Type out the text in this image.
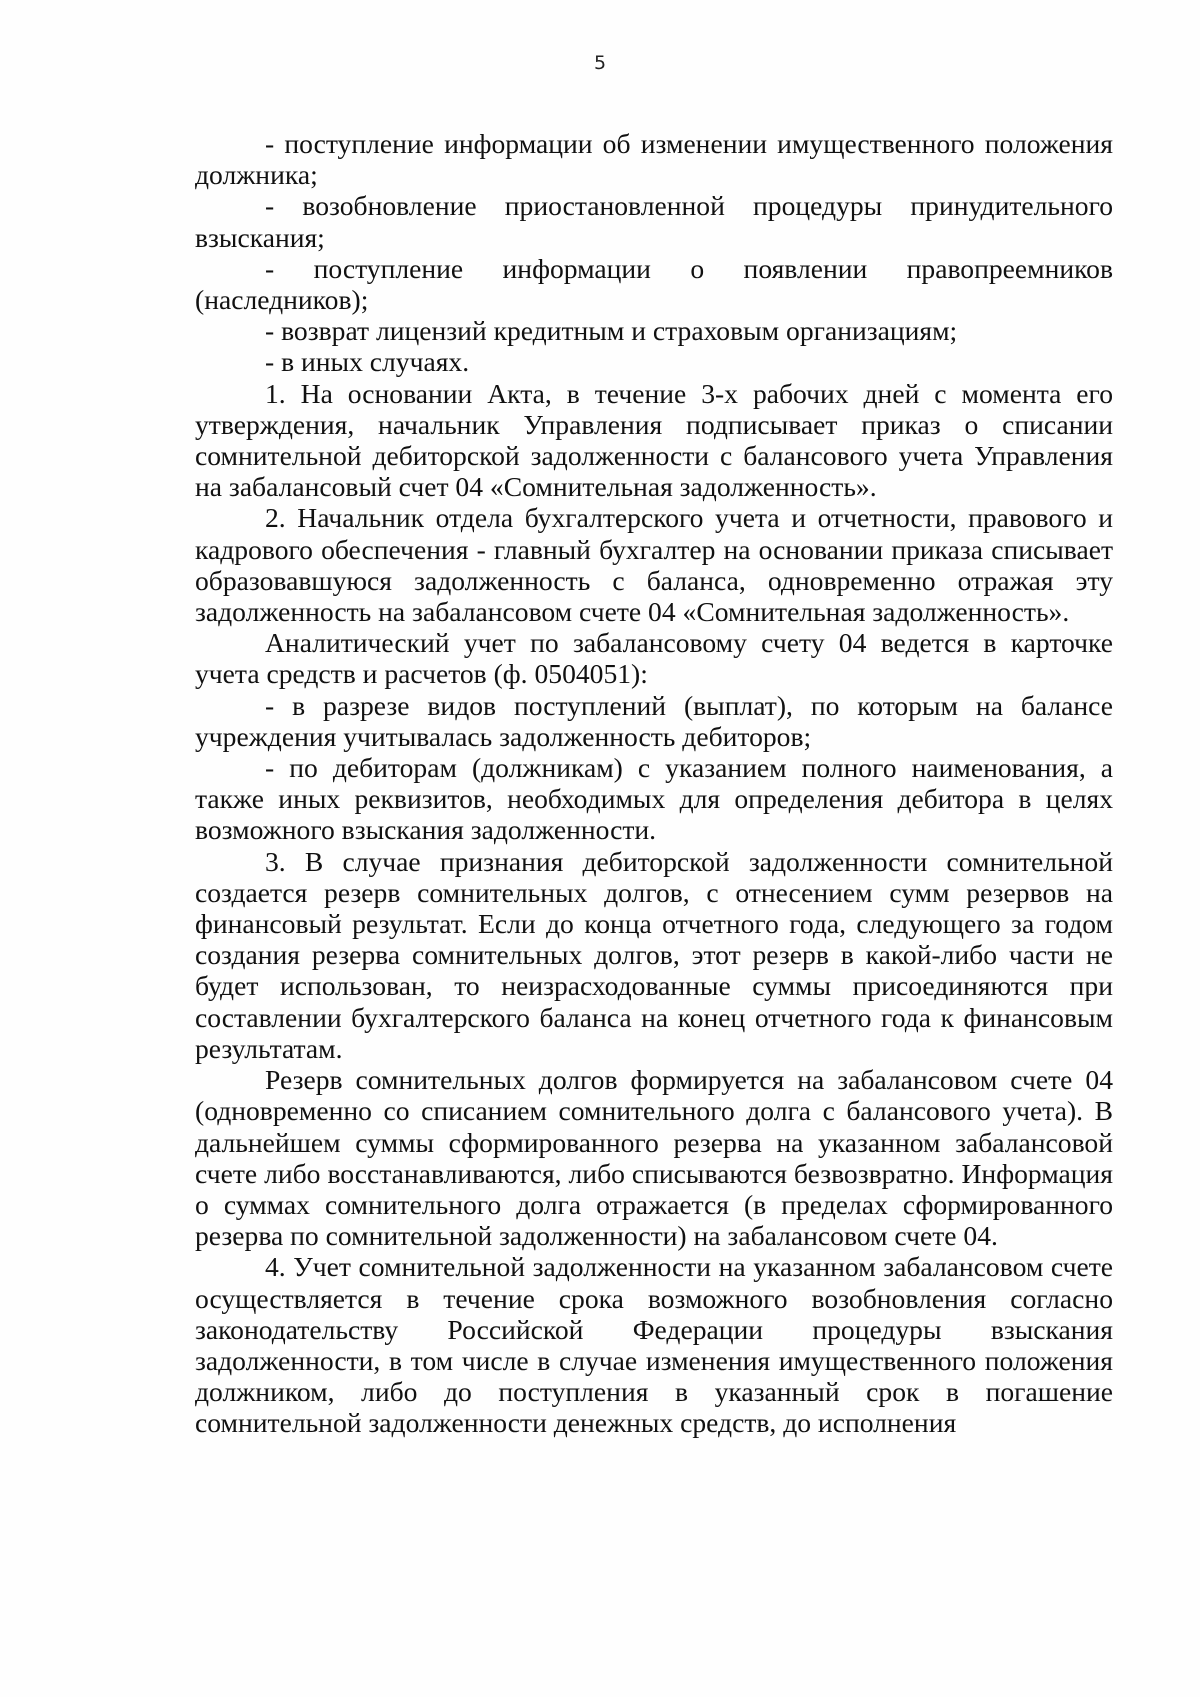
5

- поступление информации об изменении имущественного положения должника;

- возобновление приостановленной процедуры принудительного взыскания;

- поступление информации о появлении правопреемников (наследников);

- возврат лицензий кредитным и страховым организациям;

- в иных случаях.

1. На основании Акта, в течение 3-х рабочих дней с момента его утверждения, начальник Управления подписывает приказ о списании сомнительной дебиторской задолженности с балансового учета Управления на забалансовый счет 04 «Сомнительная задолженность».

2. Начальник отдела бухгалтерского учета и отчетности, правового и кадрового обеспечения - главный бухгалтер на основании приказа списывает образовавшуюся задолженность с баланса, одновременно отражая эту задолженность на забалансовом счете 04 «Сомнительная задолженность».

Аналитический учет по забалансовому счету 04 ведется в карточке учета средств и расчетов (ф. 0504051):

- в разрезе видов поступлений (выплат), по которым на балансе учреждения учитывалась задолженность дебиторов;

- по дебиторам (должникам) с указанием полного наименования, а также иных реквизитов, необходимых для определения дебитора в целях возможного взыскания задолженности.

3. В случае признания дебиторской задолженности сомнительной создается резерв сомнительных долгов, с отнесением сумм резервов на финансовый результат. Если до конца отчетного года, следующего за годом создания резерва сомнительных долгов, этот резерв в какой-либо части не будет использован, то неизрасходованные суммы присоединяются при составлении бухгалтерского баланса на конец отчетного года к финансовым результатам.

Резерв сомнительных долгов формируется на забалансовом счете 04 (одновременно со списанием сомнительного долга с балансового учета). В дальнейшем суммы сформированного резерва на указанном забалансовой счете либо восстанавливаются, либо списываются безвозвратно. Информация о суммах сомнительного долга отражается (в пределах сформированного резерва по сомнительной задолженности) на забалансовом счете 04.

4. Учет сомнительной задолженности на указанном забалансовом счете осуществляется в течение срока возможного возобновления согласно законодательству Российской Федерации процедуры взыскания задолженности, в том числе в случае изменения имущественного положения должником, либо до поступления в указанный срок в погашение сомнительной задолженности денежных средств, до исполнения
